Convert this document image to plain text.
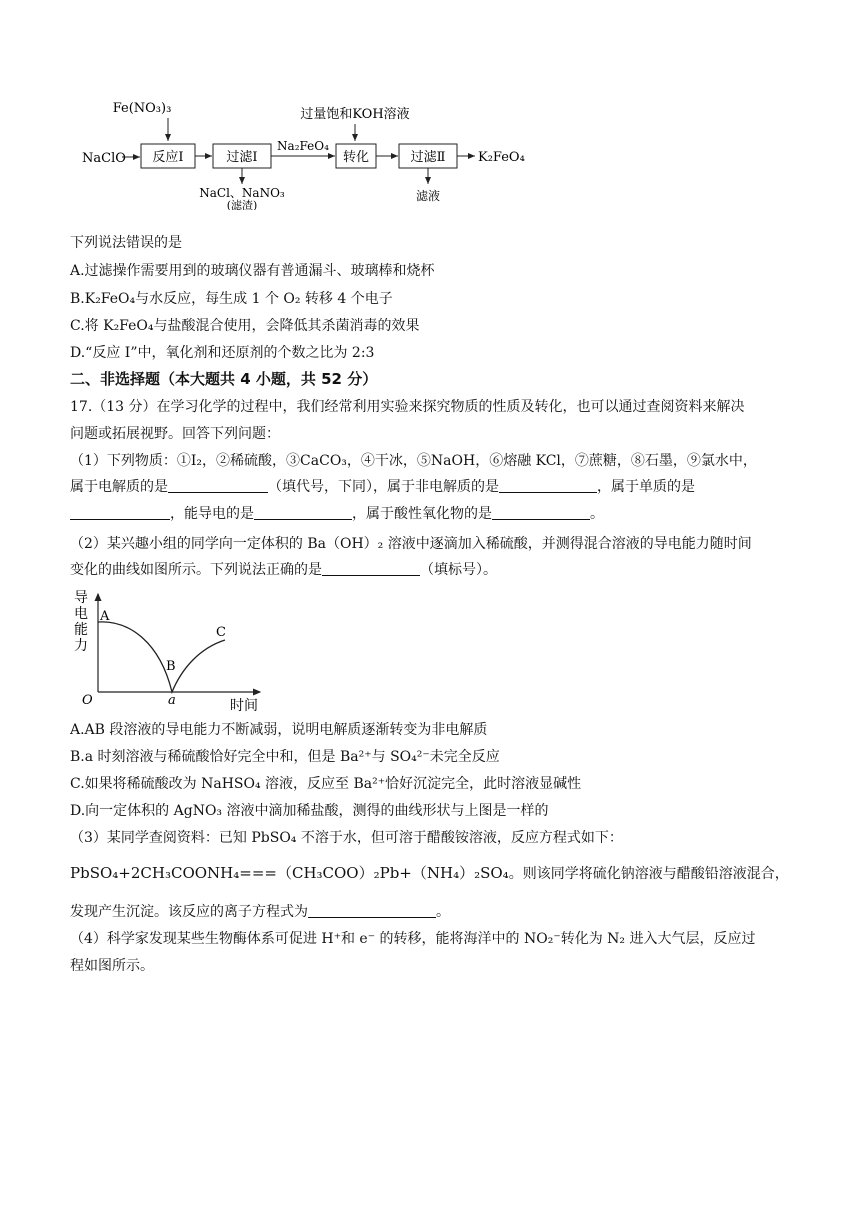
Fe(NO₃)₃	过量饱和KOH溶液
NaClO 反应Ⅰ	过滤Ⅰ
NaCl、NaNO₃
(滤渣)
Na₂FeO₄
转化	过滤Ⅱ
滤液
K₂FeO₄
下列说法错误的是
A.过滤操作需要用到的玻璃仪器有普通漏斗、玻璃棒和烧杯
B.K₂FeO₄与水反应，每生成 1 个 O₂ 转移 4 个电子
C.将 K₂FeO₄与盐酸混合使用，会降低其杀菌消毒的效果
D.“反应 I”中，氧化剂和还原剂的个数之比为 2:3
二、非选择题（本大题共 4 小题，共 52 分）
17.（13 分）在学习化学的过程中，我们经常利用实验来探究物质的性质及转化，也可以通过查阅资料来解决
问题或拓展视野。回答下列问题：
（1）下列物质：①I₂，②稀硫酸，③CaCO₃，④干冰，⑤NaOH，⑥熔融 KCl，⑦蔗糖，⑧石墨，⑨氯水中，
属于电解质的是	（填代号，下同），属于非电解质的是	，属于单质的是
，能导电的是	，属于酸性氧化物的是	。
（2）某兴趣小组的同学向一定体积的 Ba（OH）₂ 溶液中逐滴加入稀硫酸，并测得混合溶液的导电能力随时间
变化的曲线如图所示。下列说法正确的是	（填标号）。
导
电
能
力
A
B
C
O	a	时间
A.AB 段溶液的导电能力不断减弱，说明电解质逐渐转变为非电解质
B.a 时刻溶液与稀硫酸恰好完全中和，但是 Ba²⁺与 SO₄²⁻未完全反应
C.如果将稀硫酸改为 NaHSO₄ 溶液，反应至 Ba²⁺恰好沉淀完全，此时溶液显碱性
D.向一定体积的 AgNO₃ 溶液中滴加稀盐酸，测得的曲线形状与上图是一样的
（3）某同学查阅资料：已知 PbSO₄ 不溶于水，但可溶于醋酸铵溶液，反应方程式如下：
PbSO₄+2CH₃COONH₄===（CH₃COO）₂Pb+（NH₄）₂SO₄。则该同学将硫化钠溶液与醋酸铅溶液混合，
发现产生沉淀。该反应的离子方程式为	。
（4）科学家发现某些生物酶体系可促进 H⁺和 e⁻ 的转移，能将海洋中的 NO₂⁻转化为 N₂ 进入大气层，反应过
程如图所示。
